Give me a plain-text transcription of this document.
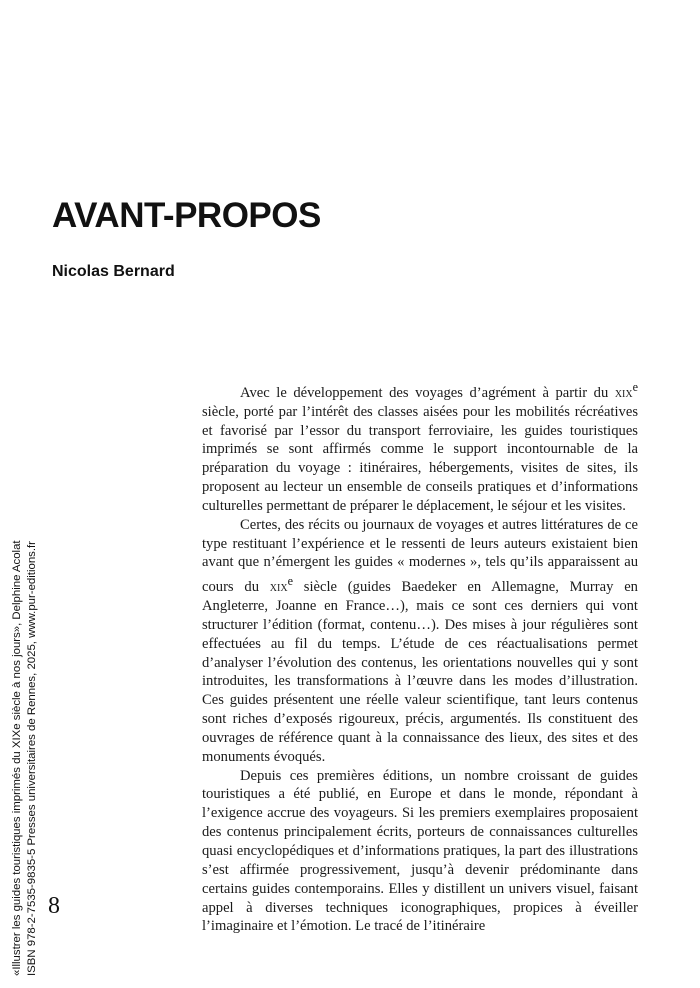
AVANT-PROPOS
Nicolas Bernard

Avec le développement des voyages d’agrément à partir du xix$^e$ siècle, porté par l’intérêt des classes aisées pour les mobilités récréatives et favorisé par l’essor du transport ferroviaire, les guides touristiques imprimés se sont affirmés comme le support incontournable de la préparation du voyage : itinéraires, hébergements, visites de sites, ils proposent au lecteur un ensemble de conseils pratiques et d’informations culturelles permettant de préparer le déplacement, le séjour et les visites.

Certes, des récits ou journaux de voyages et autres littératures de ce type restituant l’expérience et le ressenti de leurs auteurs existaient bien avant que n’émergent les guides « modernes », tels qu’ils apparaissent au cours du xix$^e$ siècle (guides Baedeker en Allemagne, Murray en Angleterre, Joanne en France…), mais ce sont ces derniers qui vont structurer l’édition (format, contenu…). Des mises à jour régulières sont effectuées au fil du temps. L’étude de ces réactualisations permet d’analyser l’évolution des contenus, les orientations nouvelles qui y sont introduites, les transformations à l’œuvre dans les modes d’illustration. Ces guides présentent une réelle valeur scientifique, tant leurs contenus sont riches d’exposés rigoureux, précis, argumentés. Ils constituent des ouvrages de référence quant à la connaissance des lieux, des sites et des monuments évoqués.

Depuis ces premières éditions, un nombre croissant de guides touristiques a été publié, en Europe et dans le monde, répondant à l’exigence accrue des voyageurs. Si les premiers exemplaires proposaient des contenus principalement écrits, porteurs de connaissances culturelles quasi encyclopédiques et d’informations pratiques, la part des illustrations s’est affirmée progressivement, jusqu’à devenir prédominante dans certains guides contemporains. Elles y distillent un univers visuel, faisant appel à diverses techniques iconographiques, propices à éveiller l’imaginaire et l’émotion. Le tracé de l’itinéraire

8
«Illustrer les guides touristiques imprimés du XIXe siècle à nos jours», Delphine Acolat ISBN 978-2-7535-9835-5 Presses universitaires de Rennes, 2025, www.pur-editions.fr
